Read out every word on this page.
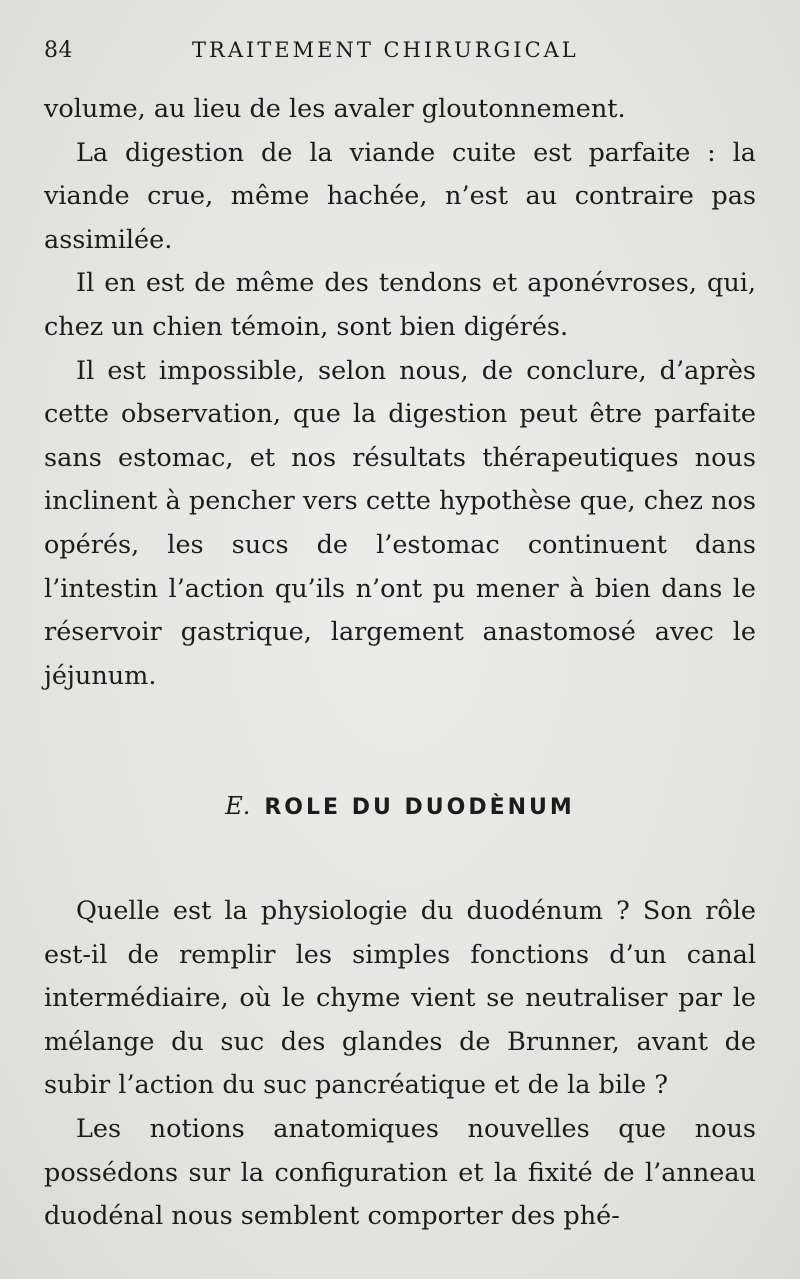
84	TRAITEMENT CHIRURGICAL

volume, au lieu de les avaler gloutonnement.

La digestion de la viande cuite est parfaite : la viande crue, même hachée, n’est au contraire pas assimilée.

Il en est de même des tendons et aponévroses, qui, chez un chien témoin, sont bien digérés.

Il est impossible, selon nous, de conclure, d’après cette observation, que la digestion peut être parfaite sans estomac, et nos résultats thérapeutiques nous inclinent à pencher vers cette hypothèse que, chez nos opérés, les sucs de l’estomac continuent dans l’intestin l’action qu’ils n’ont pu mener à bien dans le réservoir gastrique, largement anastomosé avec le jéjunum.

E. ROLE DU DUODÈNUM

Quelle est la physiologie du duodénum ? Son rôle est-il de remplir les simples fonctions d’un canal intermédiaire, où le chyme vient se neutraliser par le mélange du suc des glandes de Brunner, avant de subir l’action du suc pancréatique et de la bile ?

Les notions anatomiques nouvelles que nous possédons sur la configuration et la fixité de l’anneau duodénal nous semblent comporter des phé-
